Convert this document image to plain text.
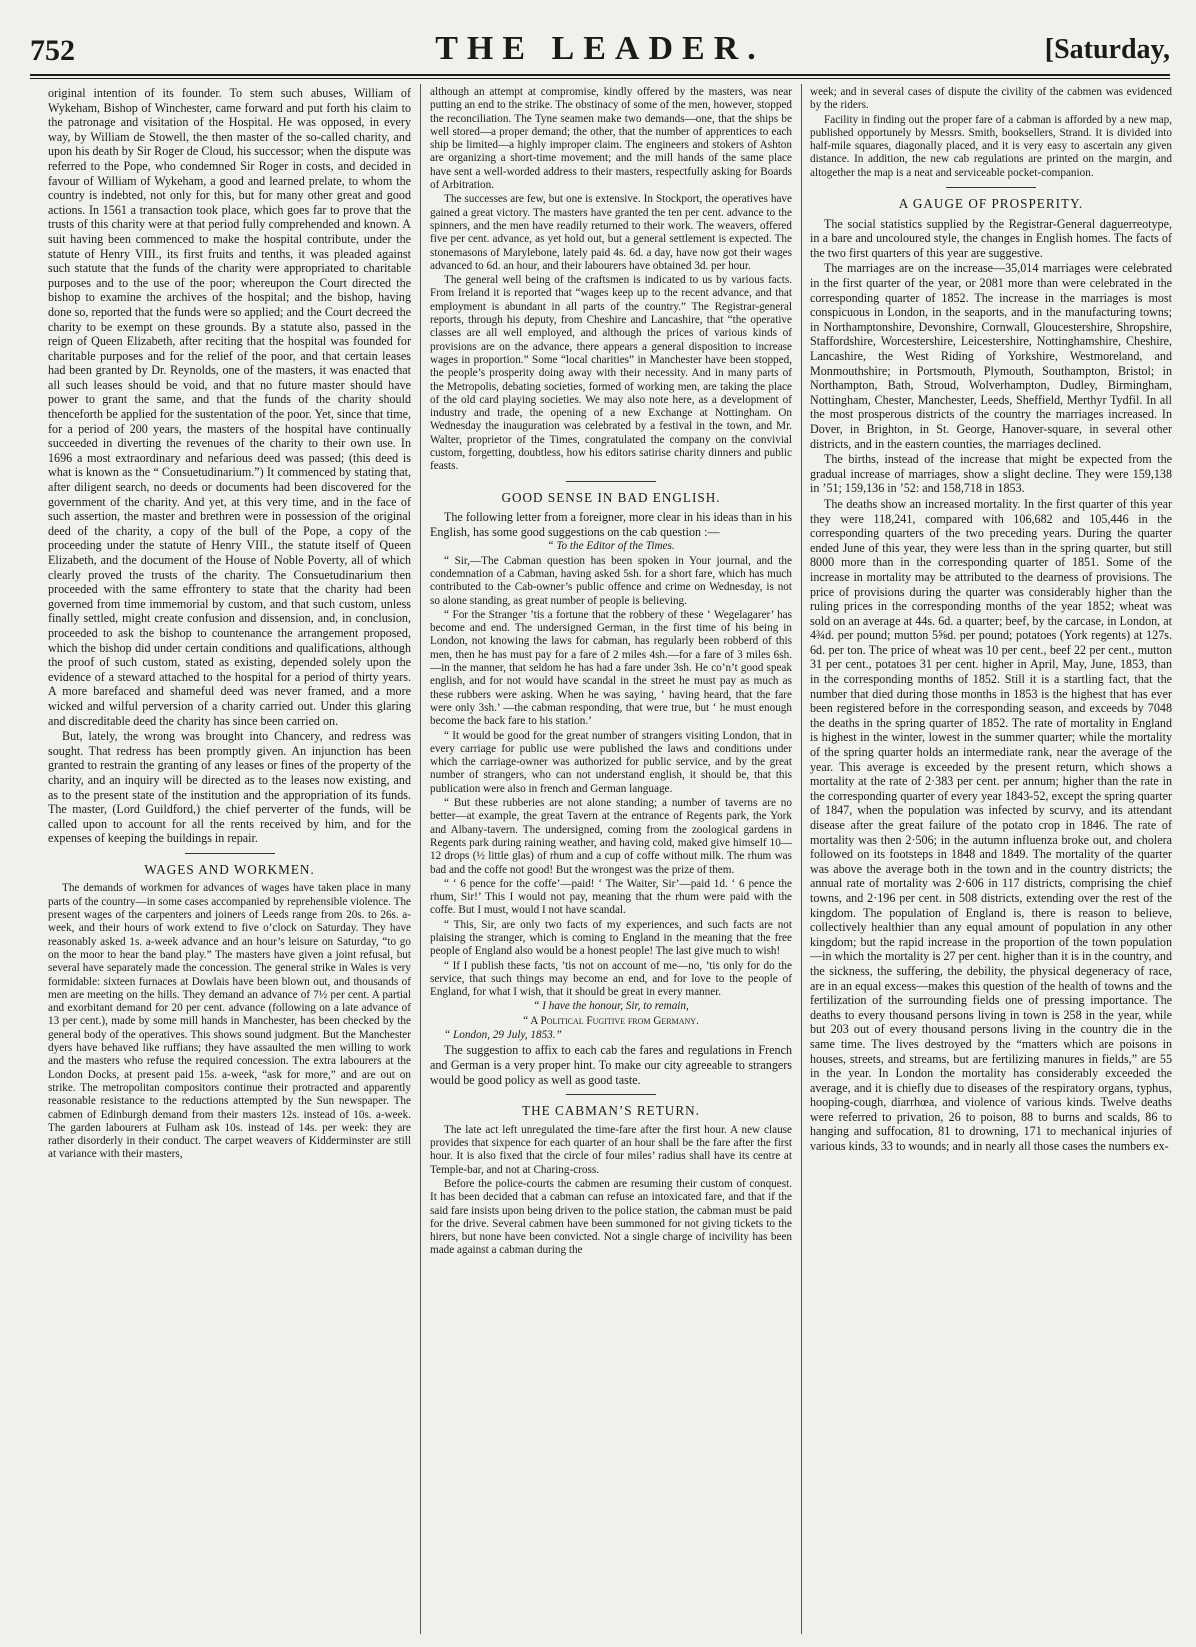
752	THE LEADER.	[Saturday,

original intention of its founder. To stem such abuses, William of Wykeham, Bishop of Winchester, came forward and put forth his claim to the patronage and visitation of the Hospital. He was opposed, in every way, by William de Stowell, the then master of the so-called charity, and upon his death by Sir Roger de Cloud, his successor; when the dispute was referred to the Pope, who condemned Sir Roger in costs, and decided in favour of William of Wykeham, a good and learned prelate, to whom the country is indebted, not only for this, but for many other great and good actions. In 1561 a transaction took place, which goes far to prove that the trusts of this charity were at that period fully comprehended and known. A suit having been commenced to make the hospital contribute, under the statute of Henry VIII., its first fruits and tenths, it was pleaded against such statute that the funds of the charity were appropriated to charitable purposes and to the use of the poor; whereupon the Court directed the bishop to examine the archives of the hospital; and the bishop, having done so, reported that the funds were so applied; and the Court decreed the charity to be exempt on these grounds. By a statute also, passed in the reign of Queen Elizabeth, after reciting that the hospital was founded for charitable purposes and for the relief of the poor, and that certain leases had been granted by Dr. Reynolds, one of the masters, it was enacted that all such leases should be void, and that no future master should have power to grant the same, and that the funds of the charity should thenceforth be applied for the sustentation of the poor. Yet, since that time, for a period of 200 years, the masters of the hospital have continually succeeded in diverting the revenues of the charity to their own use. In 1696 a most extraordinary and nefarious deed was passed; (this deed is what is known as the “ Consuetudinarium.”) It commenced by stating that, after diligent search, no deeds or documents had been discovered for the government of the charity. And yet, at this very time, and in the face of such assertion, the master and brethren were in possession of the original deed of the charity, a copy of the bull of the Pope, a copy of the proceeding under the statute of Henry VIII., the statute itself of Queen Elizabeth, and the document of the House of Noble Poverty, all of which clearly proved the trusts of the charity. The Consuetudinarium then proceeded with the same effrontery to state that the charity had been governed from time immemorial by custom, and that such custom, unless finally settled, might create confusion and dissension, and, in conclusion, proceeded to ask the bishop to countenance the arrangement proposed, which the bishop did under certain conditions and qualifications, although the proof of such custom, stated as existing, depended solely upon the evidence of a steward attached to the hospital for a period of thirty years. A more barefaced and shameful deed was never framed, and a more wicked and wilful perversion of a charity carried out. Under this glaring and discreditable deed the charity has since been carried on.

But, lately, the wrong was brought into Chancery, and redress was sought. That redress has been promptly given. An injunction has been granted to restrain the granting of any leases or fines of the property of the charity, and an inquiry will be directed as to the leases now existing, and as to the present state of the institution and the appropriation of its funds. The master, (Lord Guildford,) the chief perverter of the funds, will be called upon to account for all the rents received by him, and for the expenses of keeping the buildings in repair.

WAGES AND WORKMEN.

The demands of workmen for advances of wages have taken place in many parts of the country—in some cases accompanied by reprehensible violence. The present wages of the carpenters and joiners of Leeds range from 20s. to 26s. a-week, and their hours of work extend to five o’clock on Saturday. They have reasonably asked 1s. a-week advance and an hour’s leisure on Saturday, “to go on the moor to hear the band play.” The masters have given a joint refusal, but several have separately made the concession. The general strike in Wales is very formidable: sixteen furnaces at Dowlais have been blown out, and thousands of men are meeting on the hills. They demand an advance of 7½ per cent. A partial and exorbitant demand for 20 per cent. advance (following on a late advance of 13 per cent.), made by some mill hands in Manchester, has been checked by the general body of the operatives. This shows sound judgment. But the Manchester dyers have behaved like ruffians; they have assaulted the men willing to work and the masters who refuse the required concession. The extra labourers at the London Docks, at present paid 15s. a-week, “ask for more,” and are out on strike. The metropolitan compositors continue their protracted and apparently reasonable resistance to the reductions attempted by the Sun newspaper. The cabmen of Edinburgh demand from their masters 12s. instead of 10s. a-week. The garden labourers at Fulham ask 10s. instead of 14s. per week: they are rather disorderly in their conduct. The carpet weavers of Kidderminster are still at variance with their masters,

although an attempt at compromise, kindly offered by the masters, was near putting an end to the strike. The obstinacy of some of the men, however, stopped the reconciliation. The Tyne seamen make two demands—one, that the ships be well stored—a proper demand; the other, that the number of apprentices to each ship be limited—a highly improper claim. The engineers and stokers of Ashton are organizing a short-time movement; and the mill hands of the same place have sent a well-worded address to their masters, respectfully asking for Boards of Arbitration.

The successes are few, but one is extensive. In Stockport, the operatives have gained a great victory. The masters have granted the ten per cent. advance to the spinners, and the men have readily returned to their work. The weavers, offered five per cent. advance, as yet hold out, but a general settlement is expected. The stonemasons of Marylebone, lately paid 4s. 6d. a day, have now got their wages advanced to 6d. an hour, and their labourers have obtained 3d. per hour.

The general well being of the craftsmen is indicated to us by various facts. From Ireland it is reported that “wages keep up to the recent advance, and that employment is abundant in all parts of the country.” The Registrar-general reports, through his deputy, from Cheshire and Lancashire, that “the operative classes are all well employed, and although the prices of various kinds of provisions are on the advance, there appears a general disposition to increase wages in proportion.” Some “local charities” in Manchester have been stopped, the people’s prosperity doing away with their necessity. And in many parts of the Metropolis, debating societies, formed of working men, are taking the place of the old card playing societies. We may also note here, as a development of industry and trade, the opening of a new Exchange at Nottingham. On Wednesday the inauguration was celebrated by a festival in the town, and Mr. Walter, proprietor of the Times, congratulated the company on the convivial custom, forgetting, doubtless, how his editors satirise charity dinners and public feasts.

GOOD SENSE IN BAD ENGLISH.

The following letter from a foreigner, more clear in his ideas than in his English, has some good suggestions on the cab question :—

“ To the Editor of the Times.

“ Sir,—The Cabman question has been spoken in Your journal, and the condemnation of a Cabman, having asked 5sh. for a short fare, which has much contributed to the Cab-owner’s public offence and crime on Wednesday, is not so alone standing, as great number of people is believing.

“ For the Stranger ’tis a fortune that the robbery of these ‘ Wegelagarer’ has become and end. The undersigned German, in the first time of his being in London, not knowing the laws for cabman, has regularly been robberd of this men, then he has must pay for a fare of 2 miles 4sh.—for a fare of 3 miles 6sh.—in the manner, that seldom he has had a fare under 3sh. He co’n’t good speak english, and for not would have scandal in the street he must pay as much as these rubbers were asking. When he was saying, ‘ having heard, that the fare were only 3sh.’ —the cabman responding, that were true, but ‘ he must enough become the back fare to his station.’

“ It would be good for the great number of strangers visiting London, that in every carriage for public use were published the laws and conditions under which the carriage-owner was authorized for public service, and by the great number of strangers, who can not understand english, it should be, that this publication were also in french and German language.

“ But these rubberies are not alone standing; a number of taverns are no better—at example, the great Tavern at the entrance of Regents park, the York and Albany-tavern. The undersigned, coming from the zoological gardens in Regents park during raining weather, and having cold, maked give himself 10—12 drops (½ little glas) of rhum and a cup of coffe without milk. The rhum was bad and the coffe not good! But the wrongest was the prize of them.

“ ‘ 6 pence for the coffe’—paid! ‘ The Waiter, Sir’—paid 1d. ‘ 6 pence the rhum, Sir!’ This I would not pay, meaning that the rhum were paid with the coffe. But I must, would I not have scandal.

“ This, Sir, are only two facts of my experiences, and such facts are not plaising the stranger, which is coming to England in the meaning that the free people of England also would be a honest people! The last give much to wish!

“ If I publish these facts, ’tis not on account of me—no, ’tis only for do the service, that such things may become an end, and for love to the people of England, for what I wish, that it should be great in every manner.

“ I have the honour, Sir, to remain,

“ A Political Fugitive from Germany.

“ London, 29 July, 1853.”

The suggestion to affix to each cab the fares and regulations in French and German is a very proper hint. To make our city agreeable to strangers would be good policy as well as good taste.

THE CABMAN’S RETURN.

The late act left unregulated the time-fare after the first hour. A new clause provides that sixpence for each quarter of an hour shall be the fare after the first hour. It is also fixed that the circle of four miles’ radius shall have its centre at Temple-bar, and not at Charing-cross.

Before the police-courts the cabmen are resuming their custom of conquest. It has been decided that a cabman can refuse an intoxicated fare, and that if the said fare insists upon being driven to the police station, the cabman must be paid for the drive. Several cabmen have been summoned for not giving tickets to the hirers, but none have been convicted. Not a single charge of incivility has been made against a cabman during the

week; and in several cases of dispute the civility of the cabmen was evidenced by the riders.

Facility in finding out the proper fare of a cabman is afforded by a new map, published opportunely by Messrs. Smith, booksellers, Strand. It is divided into half-mile squares, diagonally placed, and it is very easy to ascertain any given distance. In addition, the new cab regulations are printed on the margin, and altogether the map is a neat and serviceable pocket-companion.

A GAUGE OF PROSPERITY.

The social statistics supplied by the Registrar-General daguerreotype, in a bare and uncoloured style, the changes in English homes. The facts of the two first quarters of this year are suggestive.

The marriages are on the increase—35,014 marriages were celebrated in the first quarter of the year, or 2081 more than were celebrated in the corresponding quarter of 1852. The increase in the marriages is most conspicuous in London, in the seaports, and in the manufacturing towns; in Northamptonshire, Devonshire, Cornwall, Gloucestershire, Shropshire, Staffordshire, Worcestershire, Leicestershire, Nottinghamshire, Cheshire, Lancashire, the West Riding of Yorkshire, Westmoreland, and Monmouthshire; in Portsmouth, Plymouth, Southampton, Bristol; in Northampton, Bath, Stroud, Wolverhampton, Dudley, Birmingham, Nottingham, Chester, Manchester, Leeds, Sheffield, Merthyr Tydfil. In all the most prosperous districts of the country the marriages increased. In Dover, in Brighton, in St. George, Hanover-square, in several other districts, and in the eastern counties, the marriages declined.

The births, instead of the increase that might be expected from the gradual increase of marriages, show a slight decline. They were 159,138 in ’51; 159,136 in ’52: and 158,718 in 1853.

The deaths show an increased mortality. In the first quarter of this year they were 118,241, compared with 106,682 and 105,446 in the corresponding quarters of the two preceding years. During the quarter ended June of this year, they were less than in the spring quarter, but still 8000 more than in the corresponding quarter of 1851. Some of the increase in mortality may be attributed to the dearness of provisions. The price of provisions during the quarter was considerably higher than the ruling prices in the corresponding months of the year 1852; wheat was sold on an average at 44s. 6d. a quarter; beef, by the carcase, in London, at 4¾d. per pound; mutton 5⅝d. per pound; potatoes (York regents) at 127s. 6d. per ton. The price of wheat was 10 per cent., beef 22 per cent., mutton 31 per cent., potatoes 31 per cent. higher in April, May, June, 1853, than in the corresponding months of 1852. Still it is a startling fact, that the number that died during those months in 1853 is the highest that has ever been registered before in the corresponding season, and exceeds by 7048 the deaths in the spring quarter of 1852. The rate of mortality in England is highest in the winter, lowest in the summer quarter; while the mortality of the spring quarter holds an intermediate rank, near the average of the year. This average is exceeded by the present return, which shows a mortality at the rate of 2·383 per cent. per annum; higher than the rate in the corresponding quarter of every year 1843-52, except the spring quarter of 1847, when the population was infected by scurvy, and its attendant disease after the great failure of the potato crop in 1846. The rate of mortality was then 2·506; in the autumn influenza broke out, and cholera followed on its footsteps in 1848 and 1849. The mortality of the quarter was above the average both in the town and in the country districts; the annual rate of mortality was 2·606 in 117 districts, comprising the chief towns, and 2·196 per cent. in 508 districts, extending over the rest of the kingdom. The population of England is, there is reason to believe, collectively healthier than any equal amount of population in any other kingdom; but the rapid increase in the proportion of the town population—in which the mortality is 27 per cent. higher than it is in the country, and the sickness, the suffering, the debility, the physical degeneracy of race, are in an equal excess—makes this question of the health of towns and the fertilization of the surrounding fields one of pressing importance. The deaths to every thousand persons living in town is 258 in the year, while but 203 out of every thousand persons living in the country die in the same time. The lives destroyed by the “matters which are poisons in houses, streets, and streams, but are fertilizing manures in fields,” are 55 in the year. In London the mortality has considerably exceeded the average, and it is chiefly due to diseases of the respiratory organs, typhus, hooping-cough, diarrhœa, and violence of various kinds. Twelve deaths were referred to privation, 26 to poison, 88 to burns and scalds, 86 to hanging and suffocation, 81 to drowning, 171 to mechanical injuries of various kinds, 33 to wounds; and in nearly all those cases the numbers ex-
